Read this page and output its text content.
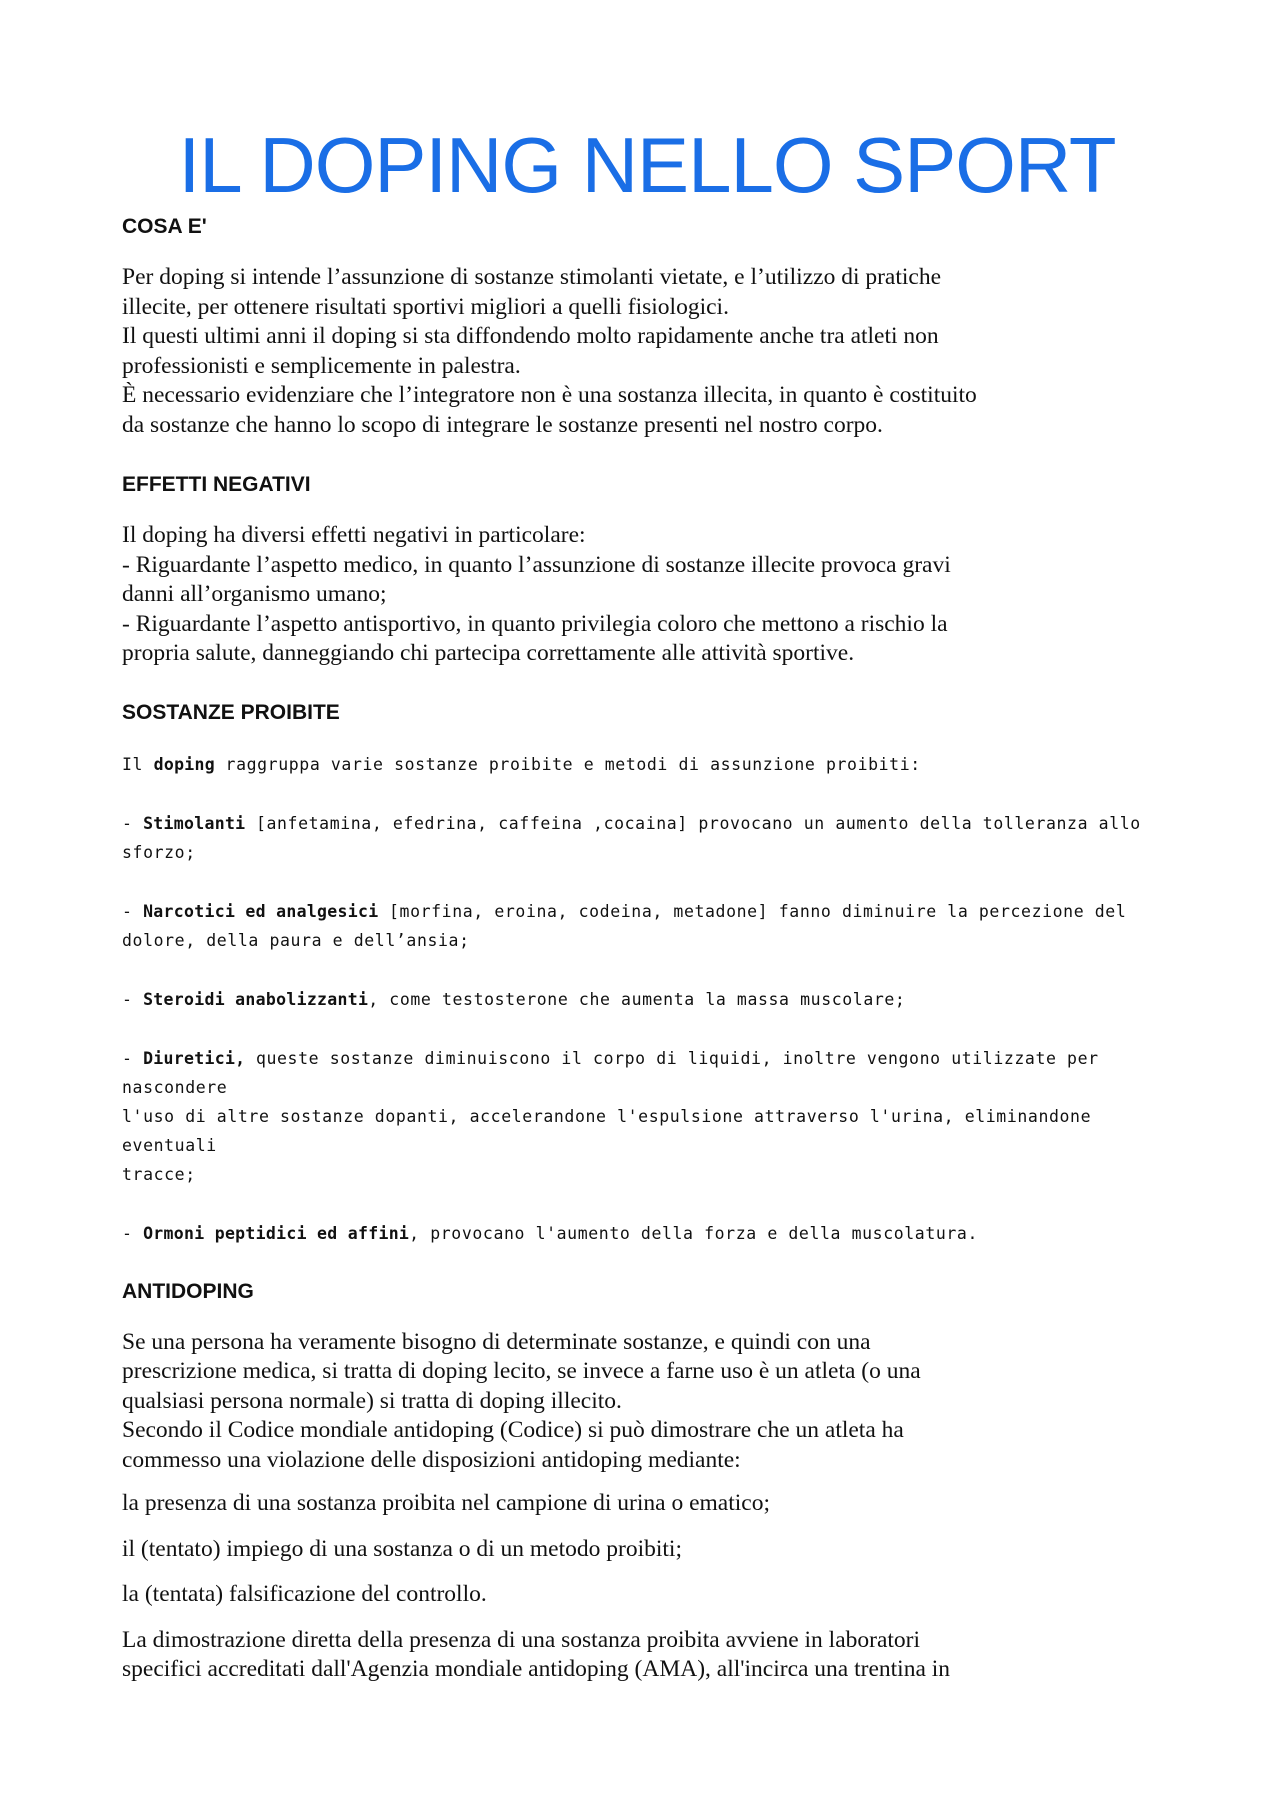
IL DOPING NELLO SPORT
COSA E'

Per doping si intende l’assunzione di sostanze stimolanti vietate, e l’utilizzo di pratiche

illecite, per ottenere risultati sportivi migliori a quelli fisiologici.

Il questi ultimi anni il doping si sta diffondendo molto rapidamente anche tra atleti non

professionisti e semplicemente in palestra.

È necessario evidenziare che l’integratore non è una sostanza illecita, in quanto è costituito

da sostanze che hanno lo scopo di integrare le sostanze presenti nel nostro corpo.

EFFETTI NEGATIVI

Il doping ha diversi effetti negativi in particolare:

- Riguardante l’aspetto medico, in quanto l’assunzione di sostanze illecite provoca gravi

danni all’organismo umano;

- Riguardante l’aspetto antisportivo, in quanto privilegia coloro che mettono a rischio la

propria salute, danneggiando chi partecipa correttamente alle attività sportive.

SOSTANZE PROIBITE
Il doping raggruppa varie sostanze proibite e metodi di assunzione proibiti:
- Stimolanti [anfetamina, efedrina, caffeina ,cocaina] provocano un aumento della tolleranza allo
sforzo;
- Narcotici ed analgesici [morfina, eroina, codeina, metadone] fanno diminuire la percezione del
dolore, della paura e dell’ansia;
- Steroidi anabolizzanti, come testosterone che aumenta la massa muscolare;
- Diuretici, queste sostanze diminuiscono il corpo di liquidi, inoltre vengono utilizzate per nascondere
l'uso di altre sostanze dopanti, accelerandone l'espulsione attraverso l'urina, eliminandone eventuali
tracce;
- Ormoni peptidici ed affini, provocano l'aumento della forza e della muscolatura.
ANTIDOPING

Se una persona ha veramente bisogno di determinate sostanze, e quindi con una

prescrizione medica, si tratta di doping lecito, se invece a farne uso è un atleta (o una

qualsiasi persona normale) si tratta di doping illecito.

Secondo il Codice mondiale antidoping (Codice) si può dimostrare che un atleta ha

commesso una violazione delle disposizioni antidoping mediante:

la presenza di una sostanza proibita nel campione di urina o ematico;

il (tentato) impiego di una sostanza o di un metodo proibiti;

la (tentata) falsificazione del controllo.

La dimostrazione diretta della presenza di una sostanza proibita avviene in laboratori

specifici accreditati dall'Agenzia mondiale antidoping (AMA), all'incirca una trentina in
